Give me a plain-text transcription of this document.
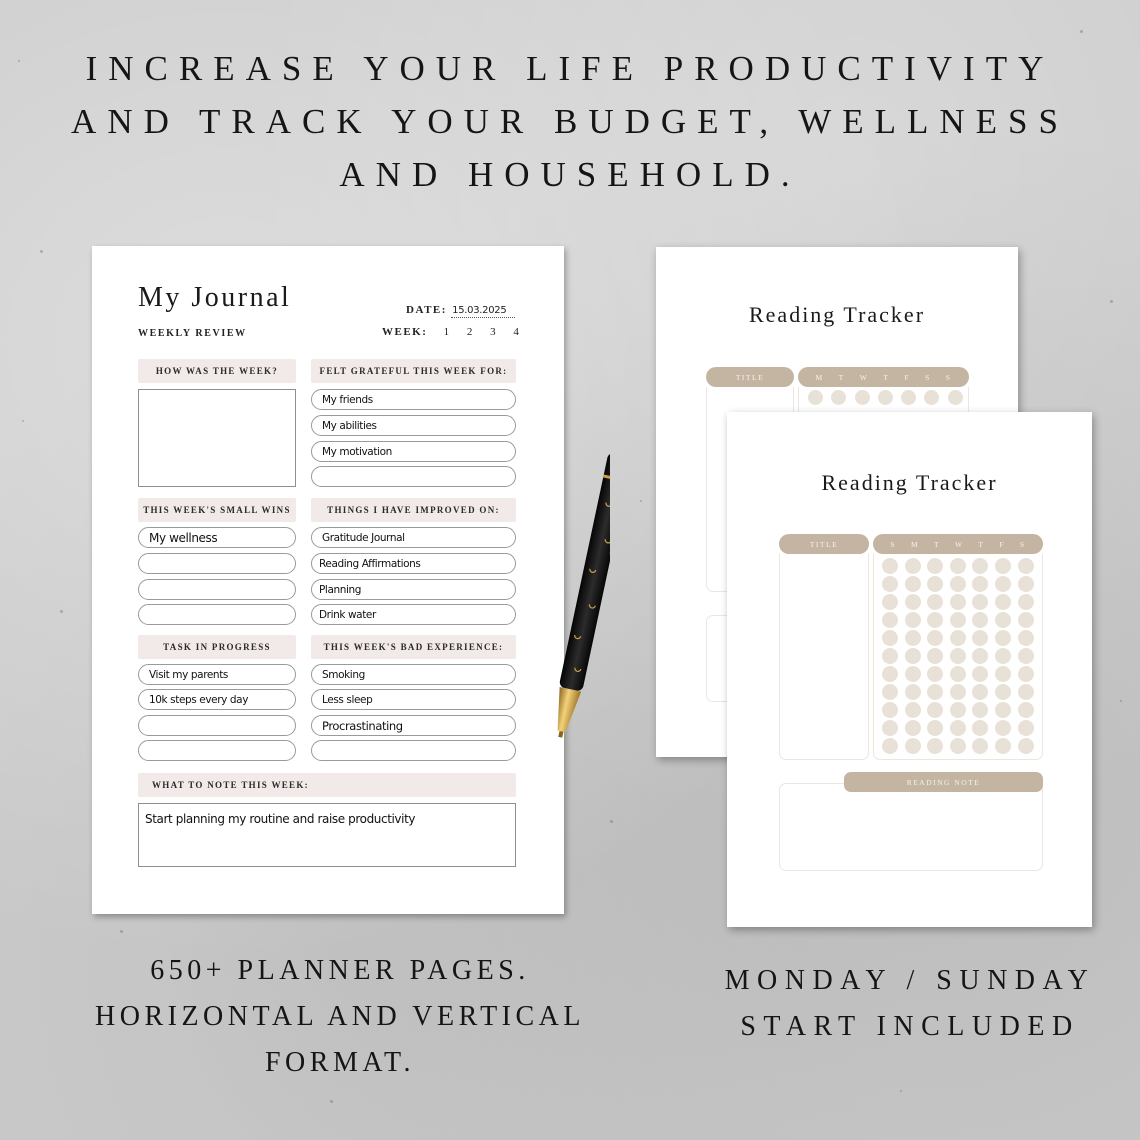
INCREASE YOUR LIFE PRODUCTIVITY
AND TRACK YOUR BUDGET, WELLNESS
AND HOUSEHOLD.
My Journal
WEEKLY REVIEW
DATE: 15.03.2025
WEEK: 1 2 3 4
HOW WAS THE WEEK?	FELT GRATEFUL THIS WEEK FOR:
My friends
My abilities
My motivation
THIS WEEK'S SMALL WINS
My wellness
THINGS I HAVE IMPROVED ON:
Gratitude Journal
Reading Affirmations
Planning
Drink water
TASK IN PROGRESS
Visit my parents
10k steps every day
THIS WEEK'S BAD EXPERIENCE:
Smoking
Less sleep
Procrastinating
WHAT TO NOTE THIS WEEK:
Start planning my routine and raise productivity
Reading Tracker
TITLE	M T W T F S S
Reading Tracker
TITLE	S M T W T F S
READING NOTE
650+ PLANNER PAGES.
HORIZONTAL AND VERTICAL
FORMAT.
MONDAY / SUNDAY
START INCLUDED
